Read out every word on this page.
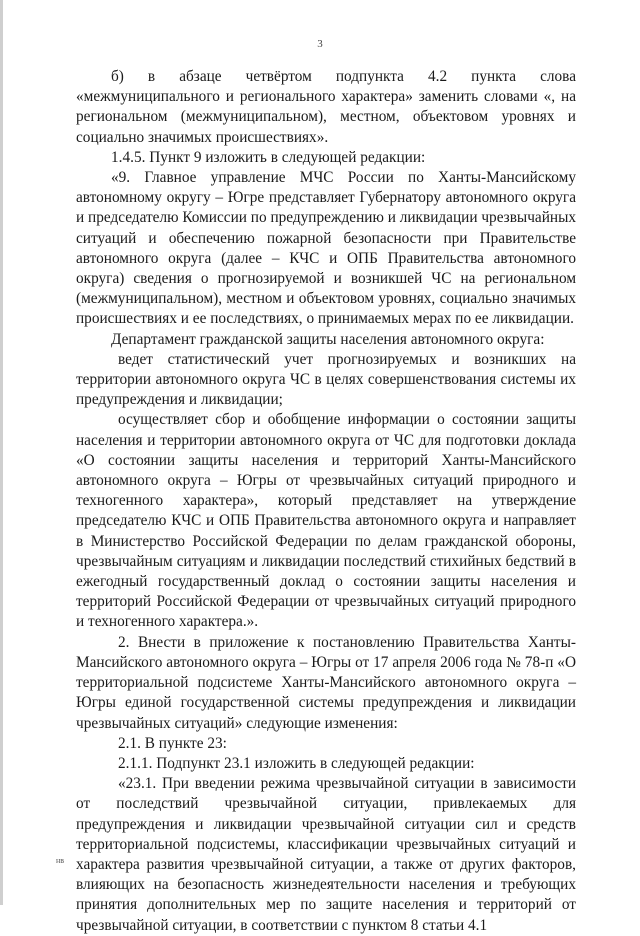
3

б)    в    абзаце    четвёртом    подпункта    4.2    пункта    слова «межмуниципального и регионального характера» заменить словами «, на региональном (межмуниципальном), местном, объектовом уровнях и социально значимых происшествиях».

1.4.5. Пункт 9 изложить в следующей редакции:

«9. Главное управление МЧС России по Ханты-Мансийскому автономному округу – Югре представляет Губернатору автономного округа и председателю Комиссии по предупреждению и ликвидации чрезвычайных ситуаций и обеспечению пожарной безопасности при Правительстве автономного округа (далее – КЧС и ОПБ Правительства автономного округа) сведения о прогнозируемой и возникшей ЧС на региональном (межмуниципальном), местном и объектовом уровнях, социально значимых происшествиях и ее последствиях, о принимаемых мерах по ее ликвидации.

Департамент гражданской защиты населения автономного округа:

ведет статистический учет прогнозируемых и возникших на территории автономного округа ЧС в целях совершенствования системы их предупреждения и ликвидации;

осуществляет сбор и обобщение информации о состоянии защиты населения и территории автономного округа от ЧС для подготовки доклада «О состоянии защиты населения и территорий Ханты-Мансийского автономного округа – Югры от чрезвычайных ситуаций природного и техногенного характера», который представляет на утверждение председателю КЧС и ОПБ Правительства автономного округа и направляет в Министерство Российской Федерации по делам гражданской обороны, чрезвычайным ситуациям и ликвидации последствий стихийных бедствий в ежегодный государственный доклад о состоянии защиты населения и территорий Российской Федерации от чрезвычайных ситуаций природного и техногенного характера.».

2. Внести в приложение к постановлению Правительства Ханты-Мансийского автономного округа – Югры от 17 апреля 2006 года № 78-п «О территориальной подсистеме Ханты-Мансийского автономного округа – Югры единой государственной системы предупреждения и ликвидации чрезвычайных ситуаций» следующие изменения:

2.1. В пункте 23:

2.1.1. Подпункт 23.1 изложить в следующей редакции:

«23.1. При введении режима чрезвычайной ситуации в зависимости от последствий чрезвычайной ситуации, привлекаемых для предупреждения и ликвидации чрезвычайной ситуации сил и средств территориальной подсистемы, классификации чрезвычайных ситуаций и характера развития чрезвычайной ситуации, а также от других факторов, влияющих на безопасность жизнедеятельности населения и требующих принятия дополнительных мер по защите населения и территорий от чрезвычайной ситуации, в соответствии с пунктом 8 статьи 4.1

нв
